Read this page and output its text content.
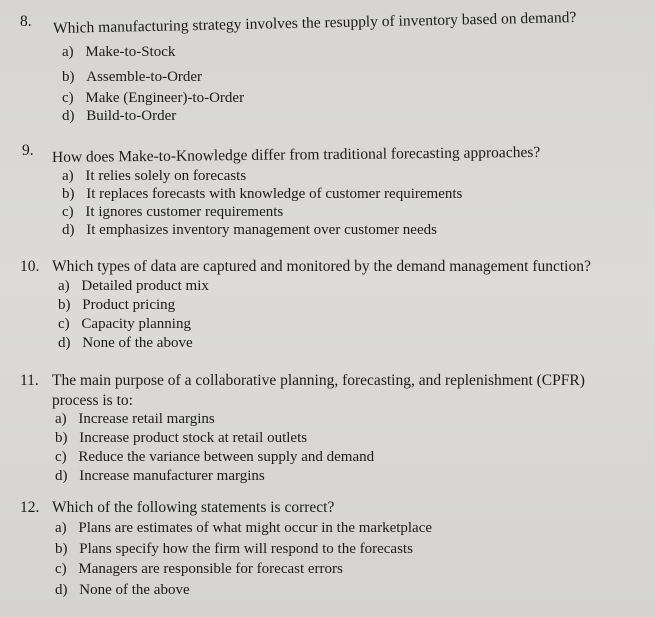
8. Which manufacturing strategy involves the resupply of inventory based on demand?
a) Make-to-Stock
b) Assemble-to-Order
c) Make (Engineer)-to-Order
d) Build-to-Order
9. How does Make-to-Knowledge differ from traditional forecasting approaches?
a) It relies solely on forecasts
b) It replaces forecasts with knowledge of customer requirements
c) It ignores customer requirements
d) It emphasizes inventory management over customer needs
10. Which types of data are captured and monitored by the demand management function?
a) Detailed product mix
b) Product pricing
c) Capacity planning
d) None of the above
11. The main purpose of a collaborative planning, forecasting, and replenishment (CPFR)
process is to:
a) Increase retail margins
b) Increase product stock at retail outlets
c) Reduce the variance between supply and demand
d) Increase manufacturer margins
12. Which of the following statements is correct?
a) Plans are estimates of what might occur in the marketplace
b) Plans specify how the firm will respond to the forecasts
c) Managers are responsible for forecast errors
d) None of the above
